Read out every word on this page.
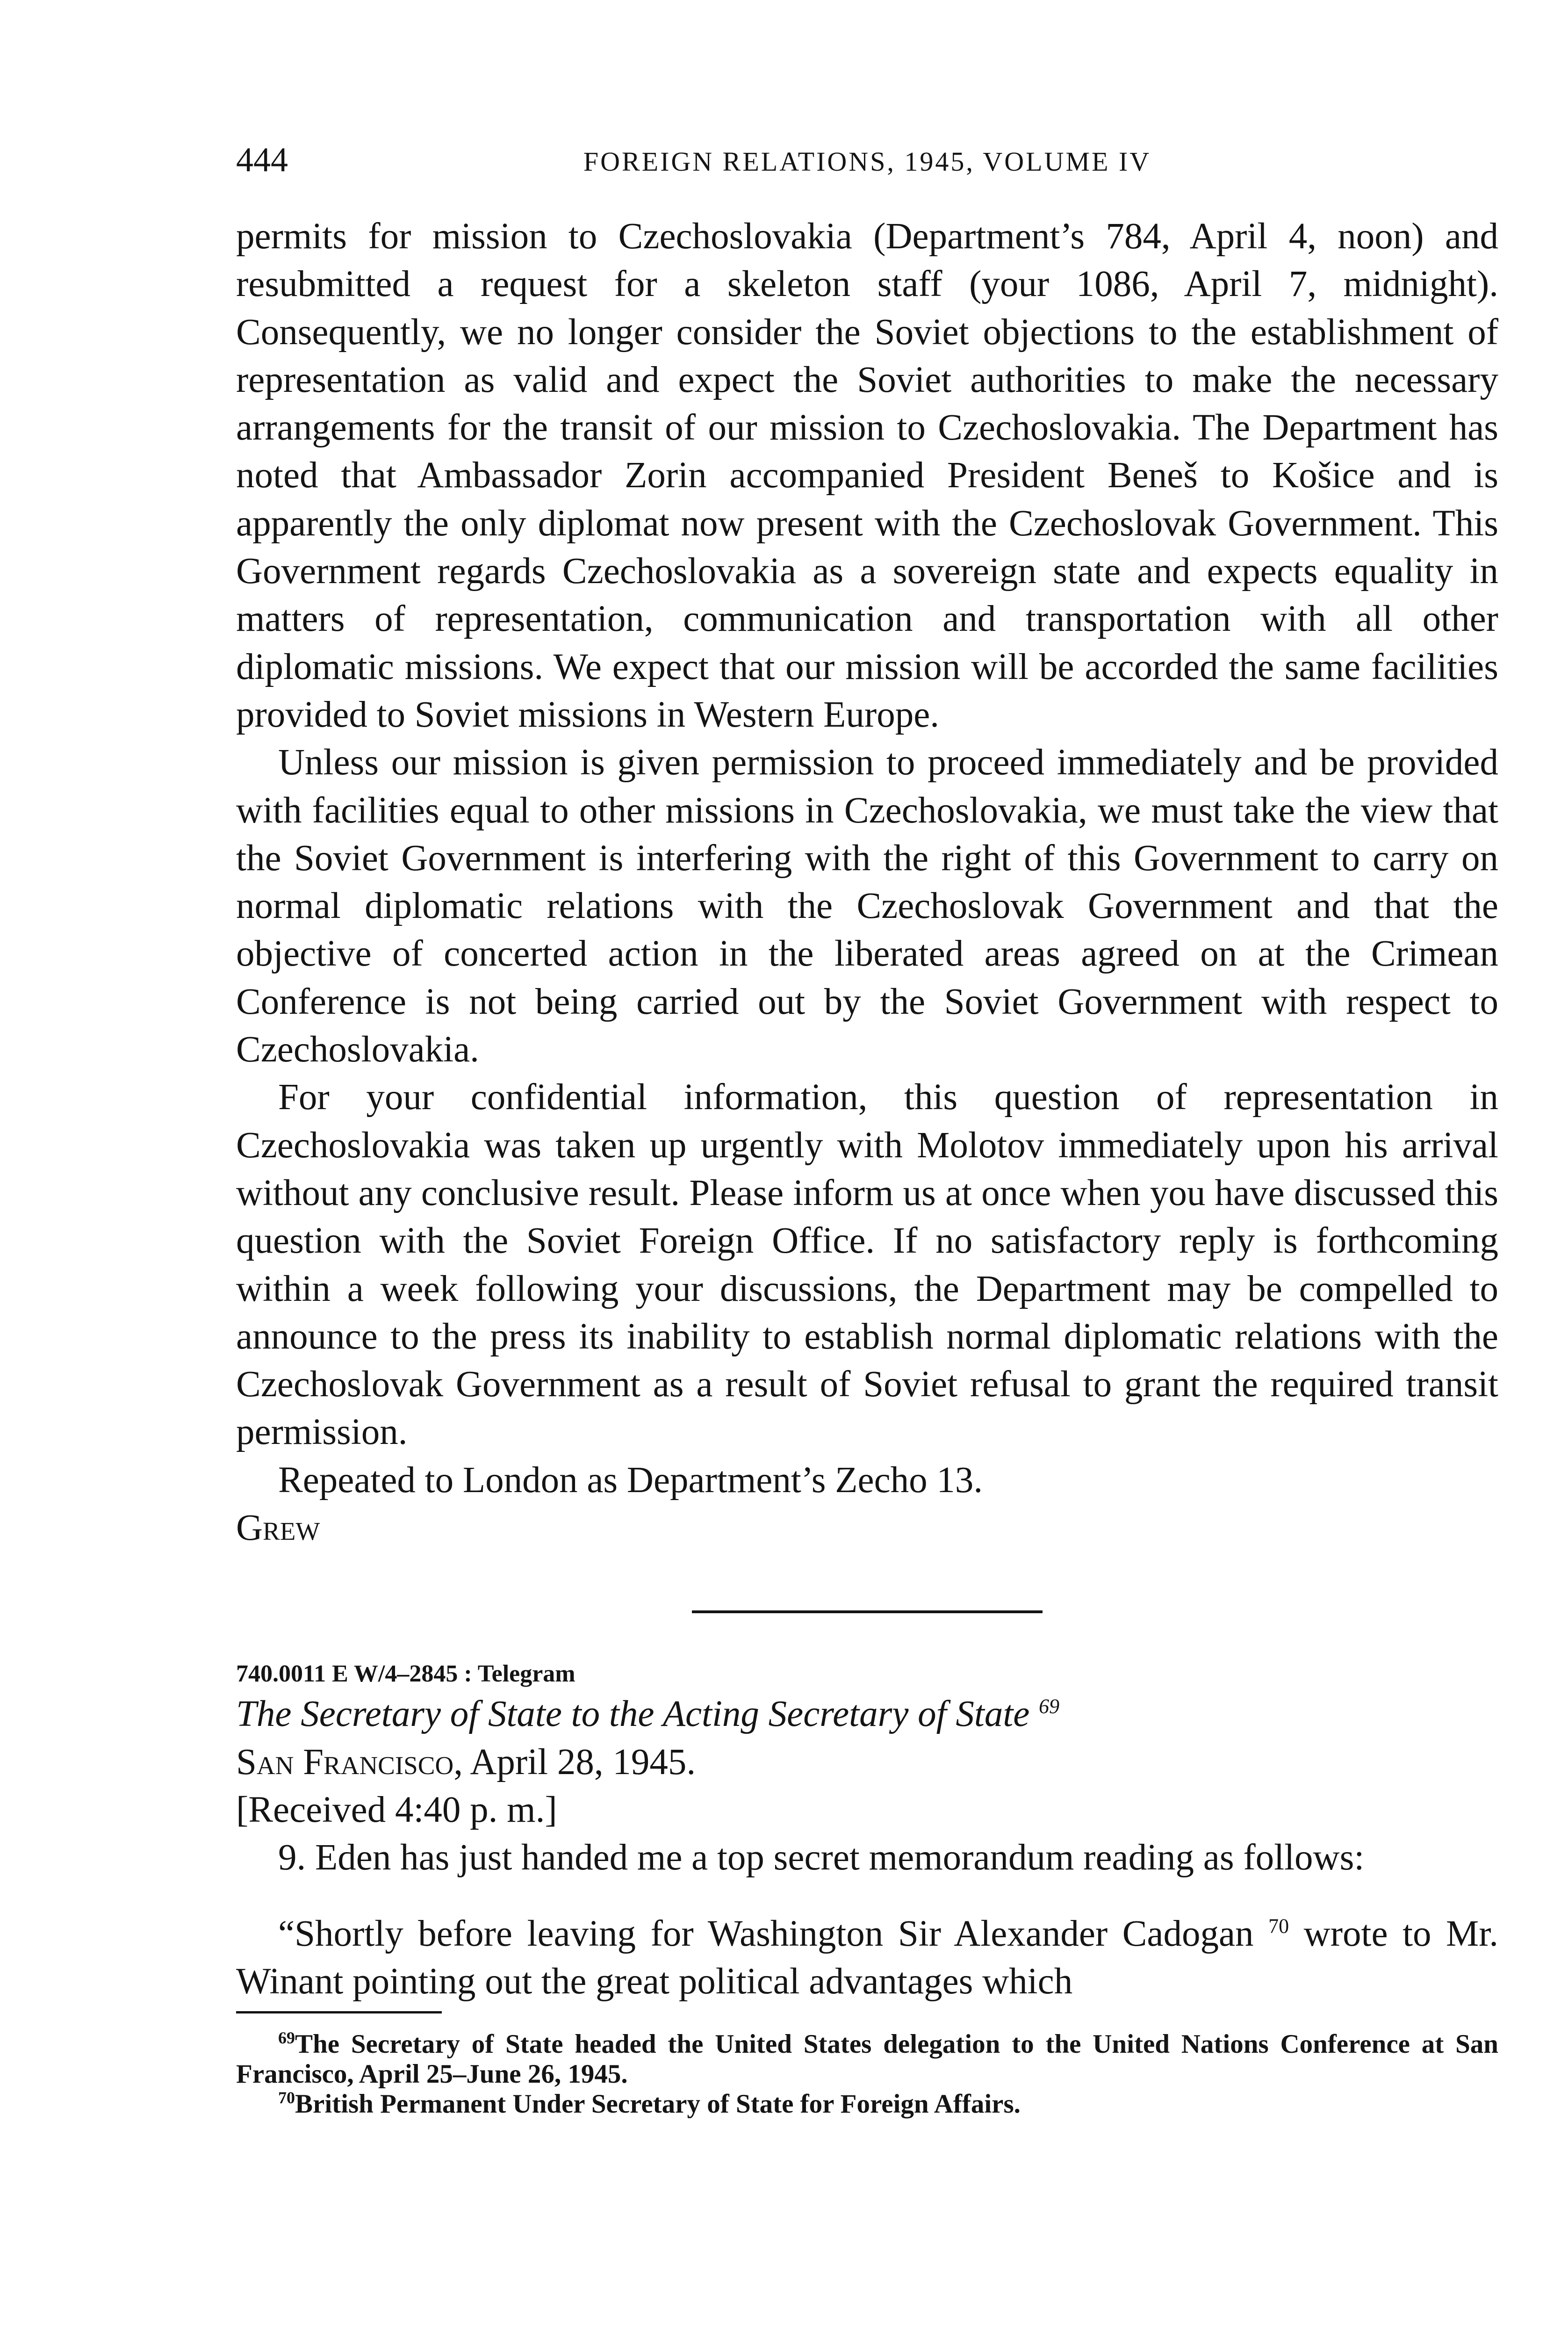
444	FOREIGN RELATIONS, 1945, VOLUME IV

permits for mission to Czechoslovakia (Department’s 784, April 4, noon) and resubmitted a request for a skeleton staff (your 1086, April 7, midnight). Consequently, we no longer consider the Soviet objections to the establishment of representation as valid and expect the Soviet authorities to make the necessary arrangements for the transit of our mission to Czechoslovakia. The Department has noted that Ambassador Zorin accompanied President Beneš to Košice and is apparently the only diplomat now present with the Czechoslovak Government. This Government regards Czechoslovakia as a sovereign state and expects equality in matters of representation, communication and transportation with all other diplomatic missions. We expect that our mission will be accorded the same facilities provided to Soviet missions in Western Europe.

Unless our mission is given permission to proceed immediately and be provided with facilities equal to other missions in Czechoslovakia, we must take the view that the Soviet Government is interfering with the right of this Government to carry on normal diplomatic relations with the Czechoslovak Government and that the objective of concerted action in the liberated areas agreed on at the Crimean Conference is not being carried out by the Soviet Government with respect to Czechoslovakia.

For your confidential information, this question of representation in Czechoslovakia was taken up urgently with Molotov immediately upon his arrival without any conclusive result. Please inform us at once when you have discussed this question with the Soviet Foreign Office. If no satisfactory reply is forthcoming within a week following your discussions, the Department may be compelled to announce to the press its inability to establish normal diplomatic relations with the Czechoslovak Government as a result of Soviet refusal to grant the required transit permission.

Repeated to London as Department’s Zecho 13.

Grew

740.0011 E W/4–2845 : Telegram

The Secretary of State to the Acting Secretary of State $^{69}$

San Francisco, April 28, 1945.

[Received 4:40 p. m.]

9. Eden has just handed me a top secret memorandum reading as follows:

“Shortly before leaving for Washington Sir Alexander Cadogan $^{70}$ wrote to Mr. Winant pointing out the great political advantages which

$^{69}$The Secretary of State headed the United States delegation to the United Nations Conference at San Francisco, April 25–June 26, 1945.

$^{70}$British Permanent Under Secretary of State for Foreign Affairs.
